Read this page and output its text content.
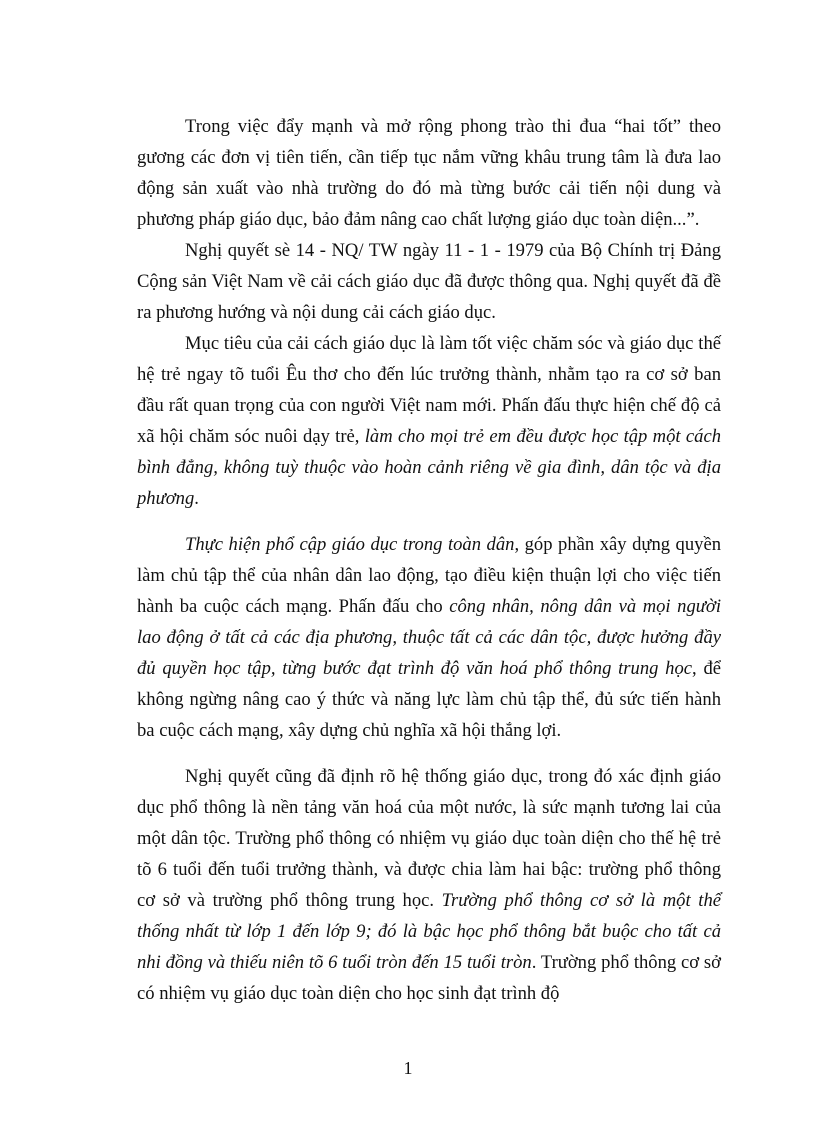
Trong việc đẩy mạnh và mở rộng phong trào thi đua “hai tốt” theo gương các đơn vị tiên tiến, cần tiếp tục nắm vững khâu trung tâm là đưa lao động sản xuất vào nhà trường do đó mà từng bước cải tiến nội dung và phương pháp giáo dục, bảo đảm nâng cao chất lượng giáo dục toàn diện...”.

Nghị quyết sè 14 - NQ/ TW ngày 11 - 1 - 1979 của Bộ Chính trị Đảng Cộng sản Việt Nam về cải cách giáo dục đã được thông qua. Nghị quyết đã đề ra phương hướng và nội dung cải cách giáo dục.

Mục tiêu của cải cách giáo dục là làm tốt việc chăm sóc và giáo dục thế hệ trẻ ngay tõ tuổi Êu thơ cho đến lúc trưởng thành, nhằm tạo ra cơ sở ban đầu rất quan trọng của con người Việt nam mới. Phấn đấu thực hiện chế độ cả xã hội chăm sóc nuôi dạy trẻ, làm cho mọi trẻ em đều được học tập một cách bình đẳng, không tuỳ thuộc vào hoàn cảnh riêng về gia đình, dân tộc và địa phương.

Thực hiện phổ cập giáo dục trong toàn dân, góp phần xây dựng quyền làm chủ tập thể của nhân dân lao động, tạo điều kiện thuận lợi cho việc tiến hành ba cuộc cách mạng. Phấn đấu cho công nhân, nông dân và mọi người lao động ở tất cả các địa phương, thuộc tất cả các dân tộc, được hưởng đầy đủ quyền học tập, từng bước đạt trình độ văn hoá phổ thông trung học, để không ngừng nâng cao ý thức và năng lực làm chủ tập thể, đủ sức tiến hành ba cuộc cách mạng, xây dựng chủ nghĩa xã hội thắng lợi.

Nghị quyết cũng đã định rõ hệ thống giáo dục, trong đó xác định giáo dục phổ thông là nền tảng văn hoá của một nước, là sức mạnh tương lai của một dân tộc. Trường phổ thông có nhiệm vụ giáo dục toàn diện cho thế hệ trẻ tõ 6 tuổi đến tuổi trưởng thành, và được chia làm hai bậc: trường phổ thông cơ sở và trường phổ thông trung học. Trường phổ thông cơ sở là một thể thống nhất từ lớp 1 đến lớp 9; đó là bậc học phổ thông bắt buộc cho tất cả nhi đồng và thiếu niên tõ 6 tuổi tròn đến 15 tuổi tròn. Trường phổ thông cơ sở có nhiệm vụ giáo dục toàn diện cho học sinh đạt trình độ

1
